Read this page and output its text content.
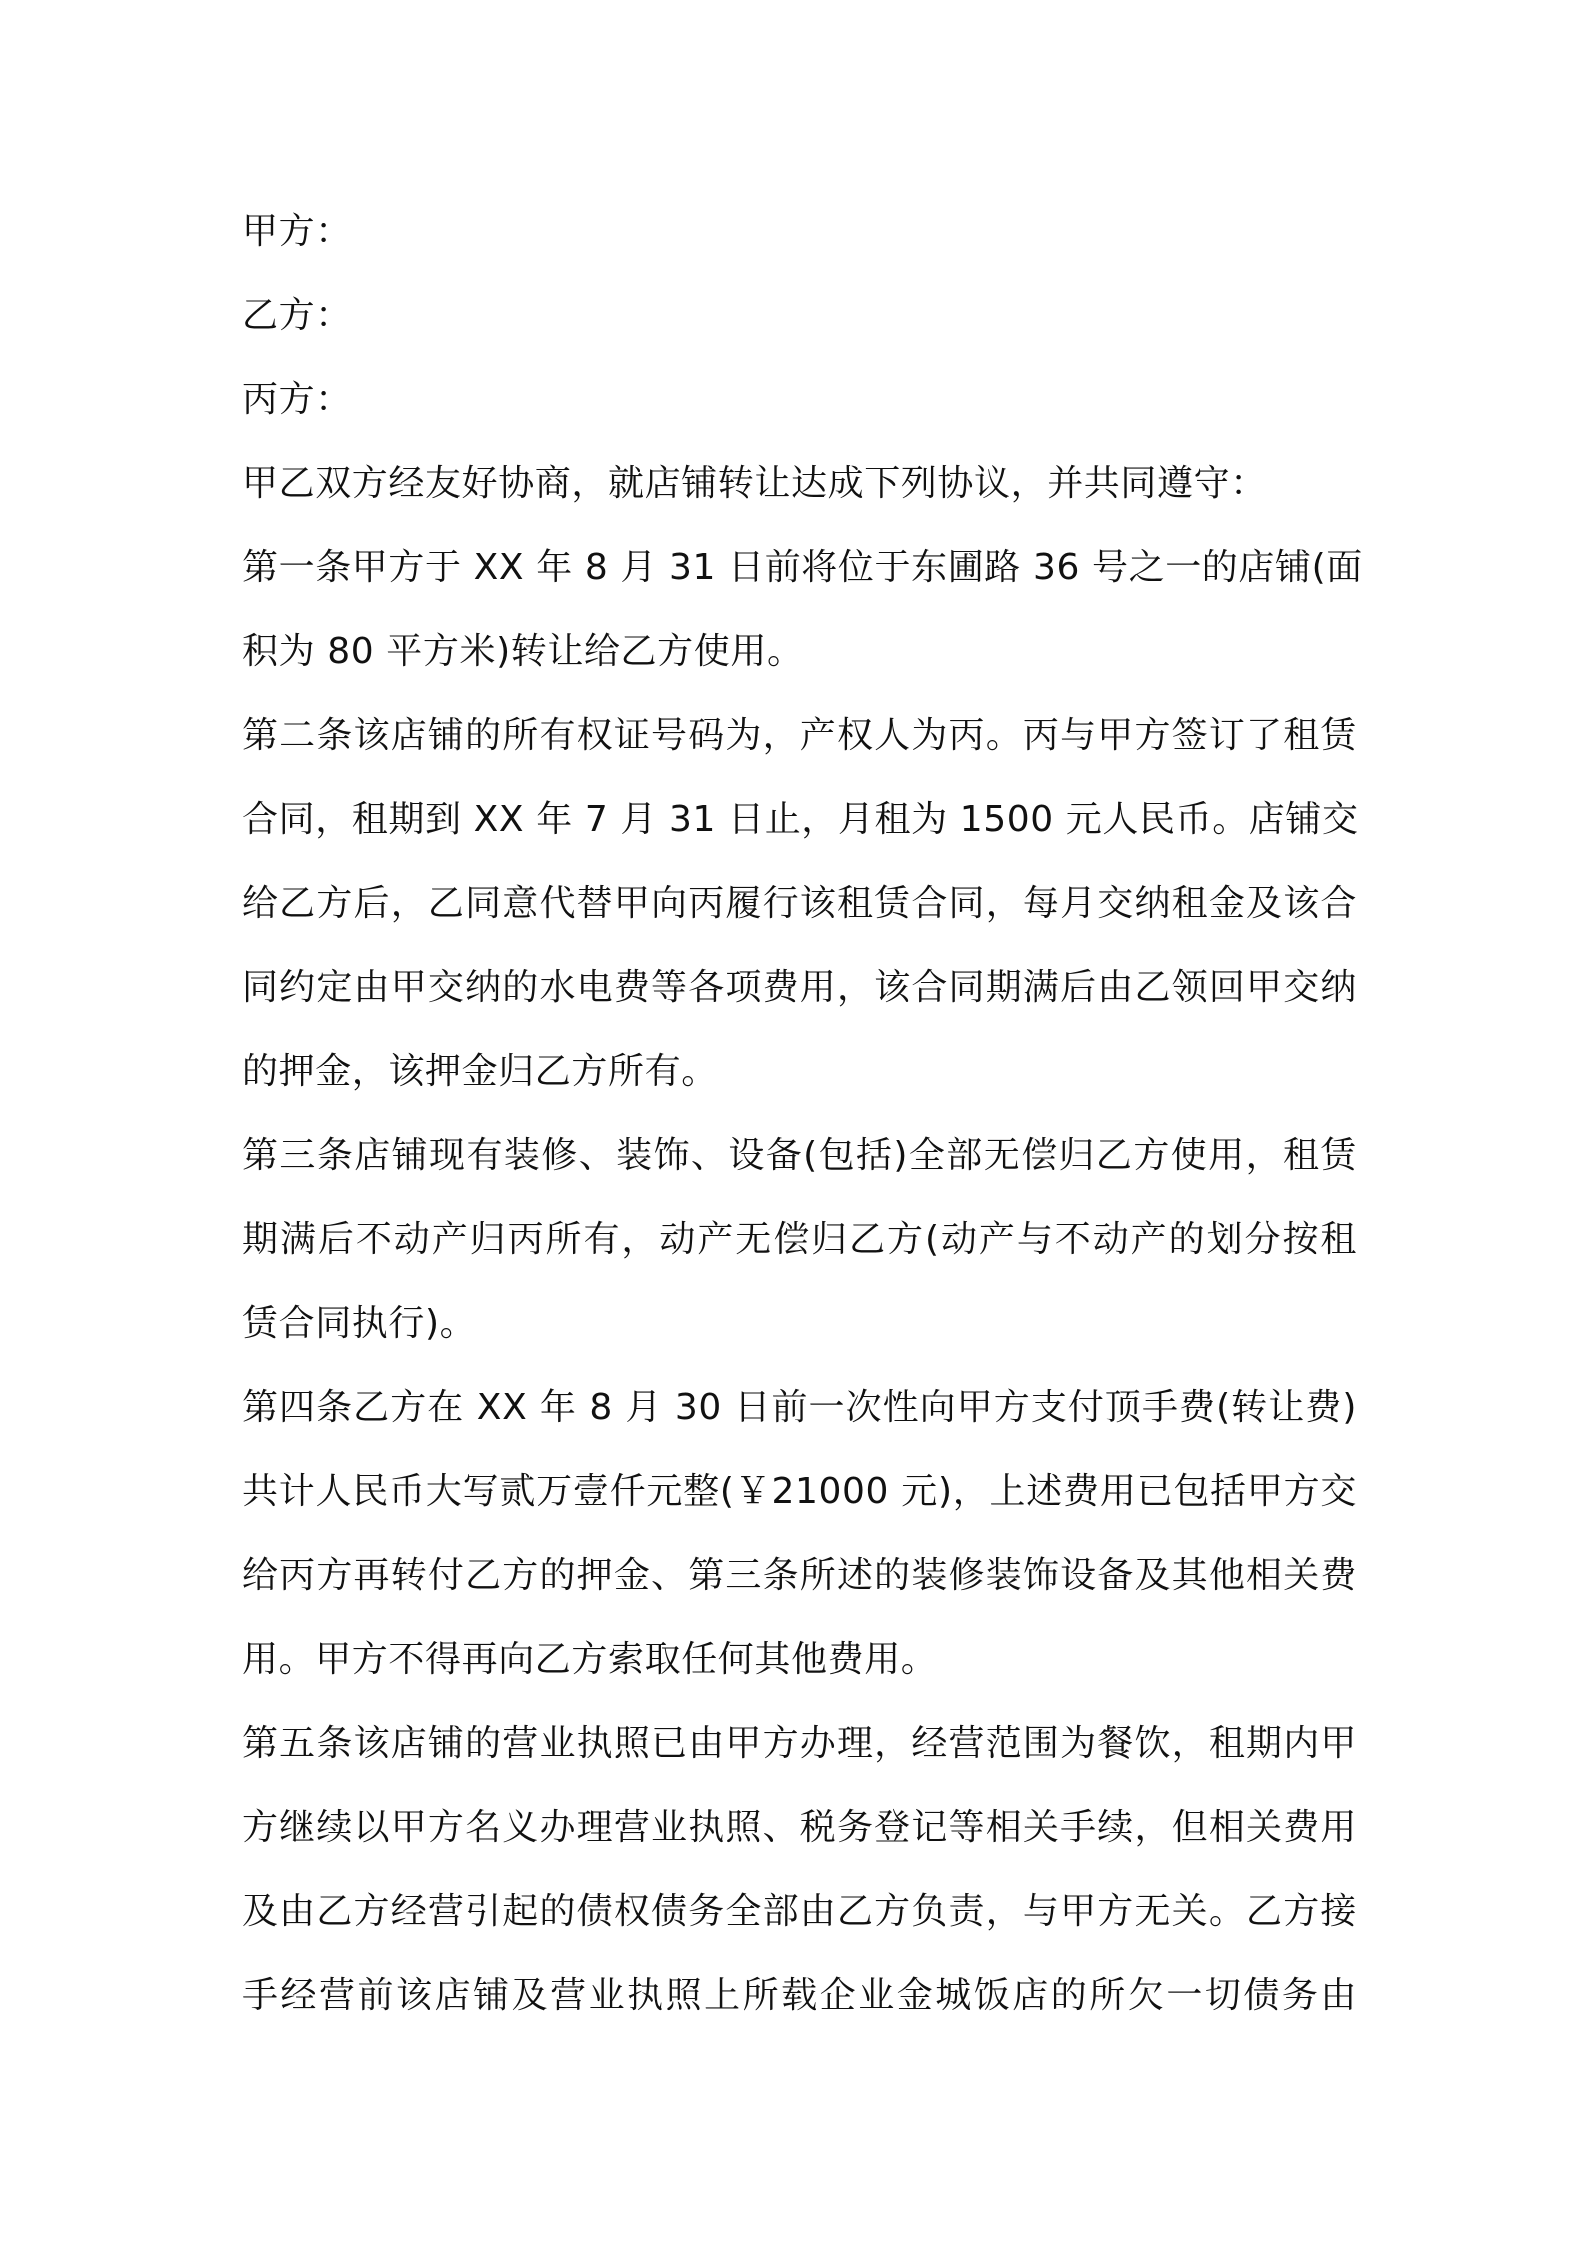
甲方：

乙方：

丙方：

甲乙双方经友好协商，就店铺转让达成下列协议，并共同遵守：

第一条甲方于 XX 年 8 月 31 日前将位于东圃路 36 号之一的店铺(面
积为 80 平方米)转让给乙方使用。

第二条该店铺的所有权证号码为，产权人为丙。丙与甲方签订了租赁
合同，租期到 XX 年 7 月 31 日止，月租为 1500 元人民币。店铺交
给乙方后，乙同意代替甲向丙履行该租赁合同，每月交纳租金及该合
同约定由甲交纳的水电费等各项费用，该合同期满后由乙领回甲交纳
的押金，该押金归乙方所有。

第三条店铺现有装修、装饰、设备(包括)全部无偿归乙方使用，租赁
期满后不动产归丙所有，动产无偿归乙方(动产与不动产的划分按租
赁合同执行)。

第四条乙方在 XX 年 8 月 30 日前一次性向甲方支付顶手费(转让费)
共计人民币大写贰万壹仟元整(￥21000 元)，上述费用已包括甲方交
给丙方再转付乙方的押金、第三条所述的装修装饰设备及其他相关费
用。甲方不得再向乙方索取任何其他费用。

第五条该店铺的营业执照已由甲方办理，经营范围为餐饮，租期内甲
方继续以甲方名义办理营业执照、税务登记等相关手续，但相关费用
及由乙方经营引起的债权债务全部由乙方负责，与甲方无关。乙方接
手经营前该店铺及营业执照上所载企业金城饭店的所欠一切债务由
